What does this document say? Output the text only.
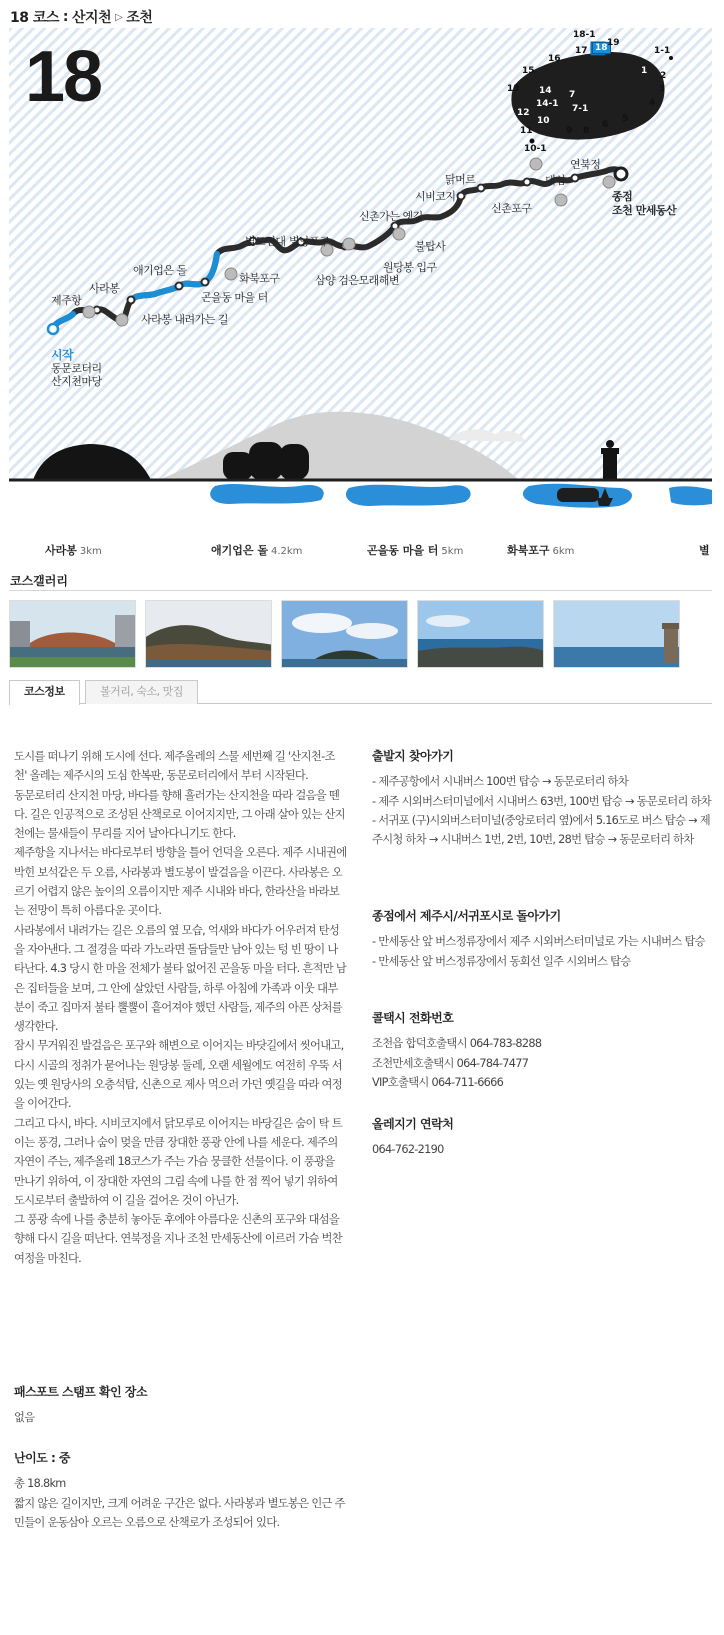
18 코스 : 산지천 ▷ 조천
18
18-1
18 19
1-1
1 2
3
4
5
6
7
7-1
8
9
10
10-1
11
12
13 14
14-1
15
16
17
제주항
사라봉
사라봉 내려가는 길
애기업은 돌
곤을동 마을 터
화북포구
별도연대 별낭포구
삼양 검은모래해변
신촌가는 옛길
원당봉 입구
불탑사
시비코지
닭머르
신촌포구
대섬
연북정
시작
동문로터리
산지천마당
종점
조천 만세동산
사라봉 3km	애기업은 돌 4.2km	곤을동 마을 터 5km	화북포구 6km	별
코스갤러리
코스정보	볼거리, 숙소, 맛집

도시를 떠나기 위해 도시에 선다. 제주올레의 스물 세번째 길 '산지천-조천' 올레는 제주시의 도심 한복판, 동문로터리에서 부터 시작된다.

동문로터리 산지천 마당, 바다를 향해 흘러가는 산지천을 따라 걸음을 뗀다. 길은 인공적으로 조성된 산책로로 이어지지만, 그 아래 살아 있는 산지천에는 물새들이 무리를 지어 날아다니기도 한다.

제주항을 지나서는 바다로부터 방향을 틀어 언덕을 오른다. 제주 시내권에 박힌 보석같은 두 오름, 사라봉과 별도봉이 발걸음을 이끈다. 사라봉은 오르기 어렵지 않은 높이의 오름이지만 제주 시내와 바다, 한라산을 바라보는 전망이 특히 아름다운 곳이다.

사라봉에서 내려가는 길은 오름의 옆 모습, 억새와 바다가 어우러져 탄성을 자아낸다. 그 절경을 따라 가노라면 돌담들만 남아 있는 텅 빈 땅이 나타난다. 4.3 당시 한 마을 전체가 불타 없어진 곤을동 마을 터다. 흔적만 남은 집터들을 보며, 그 안에 살았던 사람들, 하루 아침에 가족과 이웃 대부분이 죽고 집마저 불타 뿔뿔이 흩어져야 했던 사람들, 제주의 아픈 상처를 생각한다.

잠시 무거워진 발걸음은 포구와 해변으로 이어지는 바닷길에서 씻어내고, 다시 시골의 정취가 묻어나는 원당봉 둘레, 오랜 세월에도 여전히 우뚝 서 있는 옛 원당사의 오층석탑, 신촌으로 제사 먹으러 가던 옛길을 따라 여정을 이어간다.

그리고 다시, 바다. 시비코지에서 닭모루로 이어지는 바당길은 숨이 탁 트이는 풍경, 그러나 숨이 멎을 만큼 장대한 풍광 안에 나를 세운다. 제주의 자연이 주는, 제주올레 18코스가 주는 가슴 뭉클한 선물이다. 이 풍광을 만나기 위하여, 이 장대한 자연의 그림 속에 나를 한 점 찍어 넣기 위하여 도시로부터 출발하여 이 길을 걸어온 것이 아닌가.

그 풍광 속에 나를 충분히 놓아둔 후에야 아름다운 신촌의 포구와 대섬을 향해 다시 길을 떠난다. 연북정을 지나 조천 만세동산에 이르러 가슴 벅찬 여정을 마친다.

패스포트 스탬프 확인 장소

없음

난이도 : 중

총 18.8km

짧지 않은 길이지만, 크게 어려운 구간은 없다. 사라봉과 별도봉은 인근 주민들이 운동삼아 오르는 오름으로 산책로가 조성되어 있다.

출발지 찾아가기

- 제주공항에서 시내버스 100번 탑승 → 동문로터리 하차

- 제주 시외버스터미널에서 시내버스 63번, 100번 탑승 → 동문로터리 하차

- 서귀포 (구)시외버스터미널(중앙로터리 옆)에서 5.16도로 버스 탑승 → 제주시청 하차 → 시내버스 1번, 2번, 10번, 28번 탑승 → 동문로터리 하차

종점에서 제주시/서귀포시로 돌아가기

- 만세동산 앞 버스정류장에서 제주 시외버스터미널로 가는 시내버스 탑승

- 만세동산 앞 버스정류장에서 동회선 일주 시외버스 탑승

콜택시 전화번호

조천읍 합덕호출택시 064-783-8288

조천만세호출택시 064-784-7477

VIP호출택시 064-711-6666

올레지기 연락처

064-762-2190
